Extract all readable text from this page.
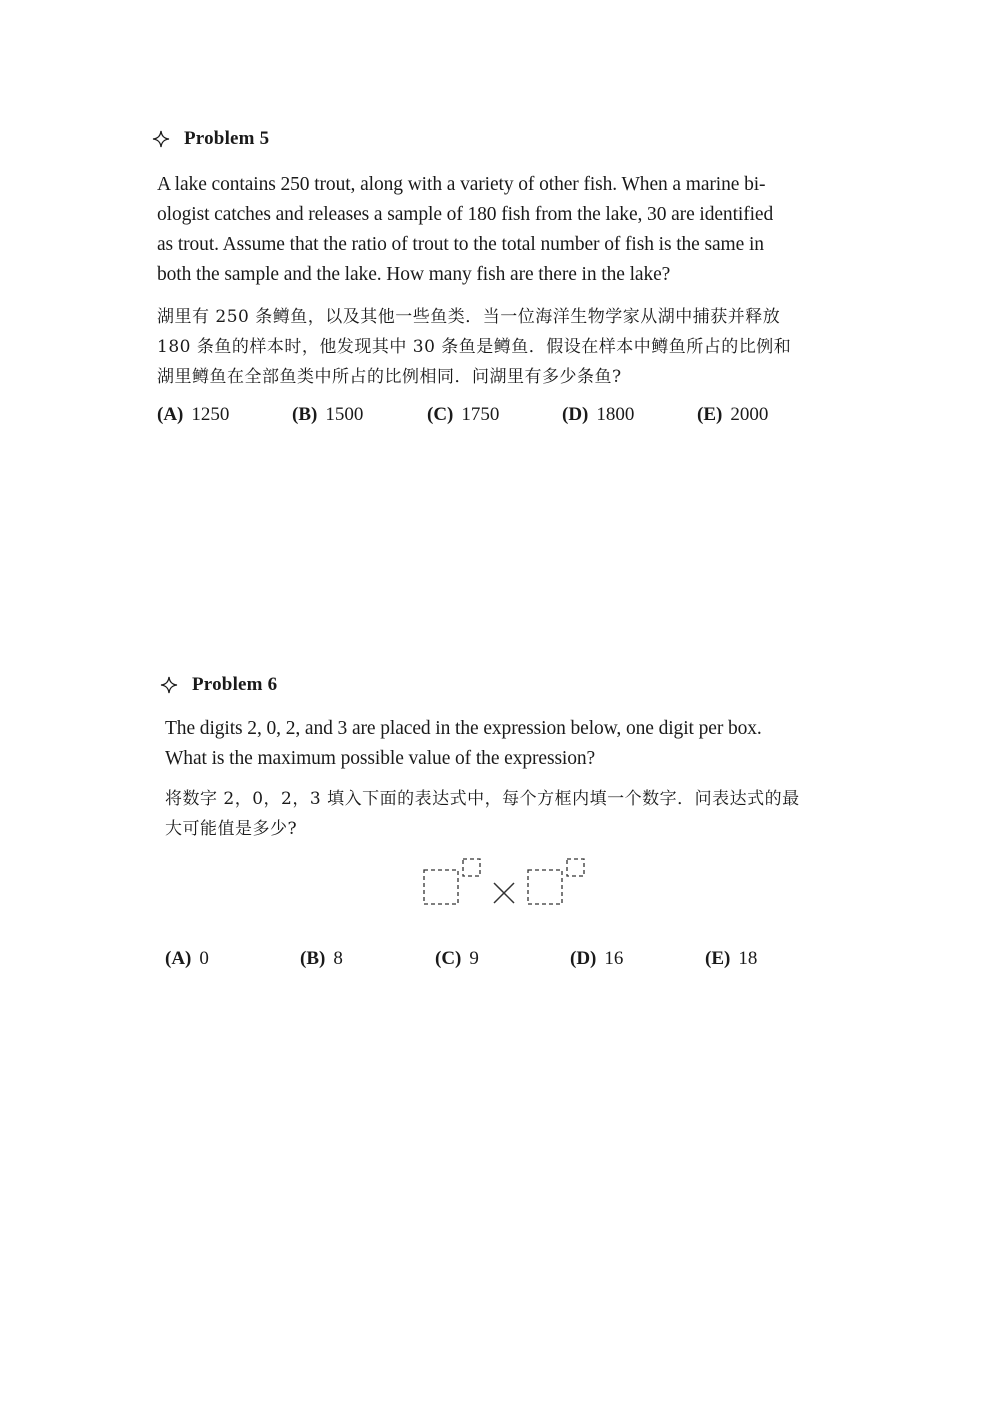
Problem 5
A lake contains 250 trout, along with a variety of other fish. When a marine bi-
ologist catches and releases a sample of 180 fish from the lake, 30 are identified
as trout. Assume that the ratio of trout to the total number of fish is the same in
both the sample and the lake. How many fish are there in the lake?
湖里有 250 条鳟鱼，以及其他一些鱼类．当一位海洋生物学家从湖中捕获并释放
180 条鱼的样本时，他发现其中 30 条鱼是鳟鱼．假设在样本中鳟鱼所占的比例和
湖里鳟鱼在全部鱼类中所占的比例相同．问湖里有多少条鱼?
(A) 1250	(B) 1500	(C) 1750	(D) 1800	(E) 2000
Problem 6
The digits 2, 0, 2, and 3 are placed in the expression below, one digit per box.
What is the maximum possible value of the expression?
将数字 2，0，2，3 填入下面的表达式中，每个方框内填一个数字．问表达式的最
大可能值是多少?
(A) 0	(B) 8	(C) 9	(D) 16	(E) 18
